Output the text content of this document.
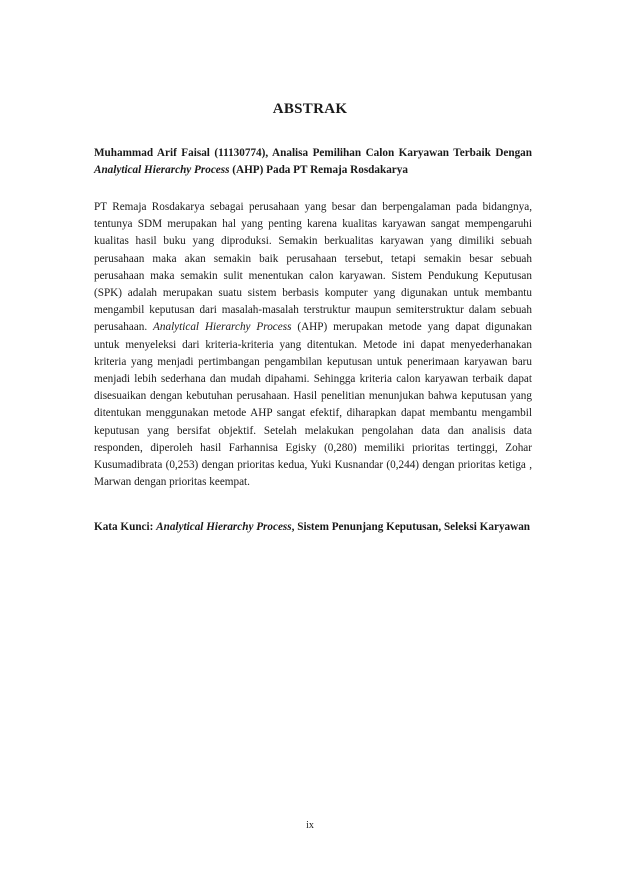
ABSTRAK
Muhammad Arif Faisal (11130774), Analisa Pemilihan Calon Karyawan Terbaik Dengan Analytical Hierarchy Process (AHP) Pada PT Remaja Rosdakarya

PT Remaja Rosdakarya sebagai perusahaan yang besar dan berpengalaman pada bidangnya, tentunya SDM merupakan hal yang penting karena kualitas karyawan sangat mempengaruhi kualitas hasil buku yang diproduksi. Semakin berkualitas karyawan yang dimiliki sebuah perusahaan maka akan semakin baik perusahaan tersebut, tetapi semakin besar sebuah perusahaan maka semakin sulit menentukan calon karyawan. Sistem Pendukung Keputusan (SPK) adalah merupakan suatu sistem berbasis komputer yang digunakan untuk membantu mengambil keputusan dari masalah-masalah terstruktur maupun semiterstruktur dalam sebuah perusahaan. Analytical Hierarchy Process (AHP) merupakan metode yang dapat digunakan untuk menyeleksi dari kriteria-kriteria yang ditentukan. Metode ini dapat menyederhanakan kriteria yang menjadi pertimbangan pengambilan keputusan untuk penerimaan karyawan baru menjadi lebih sederhana dan mudah dipahami. Sehingga kriteria calon karyawan terbaik dapat disesuaikan dengan kebutuhan perusahaan. Hasil penelitian menunjukan bahwa keputusan yang ditentukan menggunakan metode AHP sangat efektif, diharapkan dapat membantu mengambil keputusan yang bersifat objektif. Setelah melakukan pengolahan data dan analisis data responden, diperoleh hasil Farhannisa Egisky (0,280) memiliki prioritas tertinggi, Zohar Kusumadibrata (0,253) dengan prioritas kedua, Yuki Kusnandar (0,244) dengan prioritas ketiga , Marwan dengan prioritas keempat.

Kata Kunci: Analytical Hierarchy Process, Sistem Penunjang Keputusan, Seleksi Karyawan
ix
